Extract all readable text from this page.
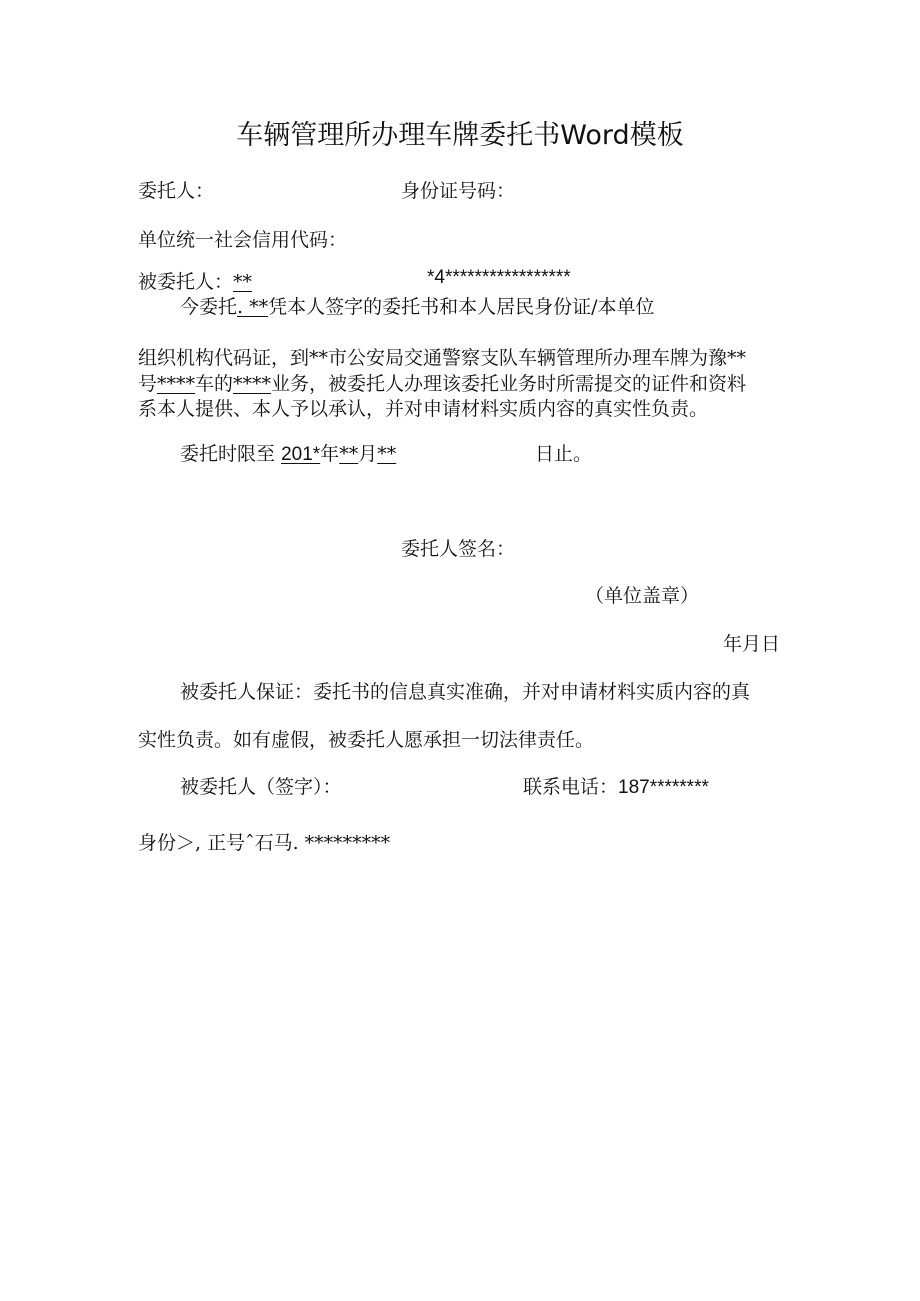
车辆管理所办理车牌委托书Word模板
委托人：	身份证号码：
单位统一社会信用代码：
被委托人：**	*4*****************
今委托. **凭本人签字的委托书和本人居民身份证/本单位
组织机构代码证，到**市公安局交通警察支队车辆管理所办理车牌为豫**
号****车的****业务，被委托人办理该委托业务时所需提交的证件和资料
系本人提供、本人予以承认，并对申请材料实质内容的真实性负责。
委托时限至 201*年**月**	日止。
委托人签名：
（单位盖章）
年月日
被委托人保证：委托书的信息真实准确，并对申请材料实质内容的真
实性负责。如有虚假，被委托人愿承担一切法律责任。
被委托人（签字）：	联系电话：187********
身份＞, 正号ˆ石马. *********
